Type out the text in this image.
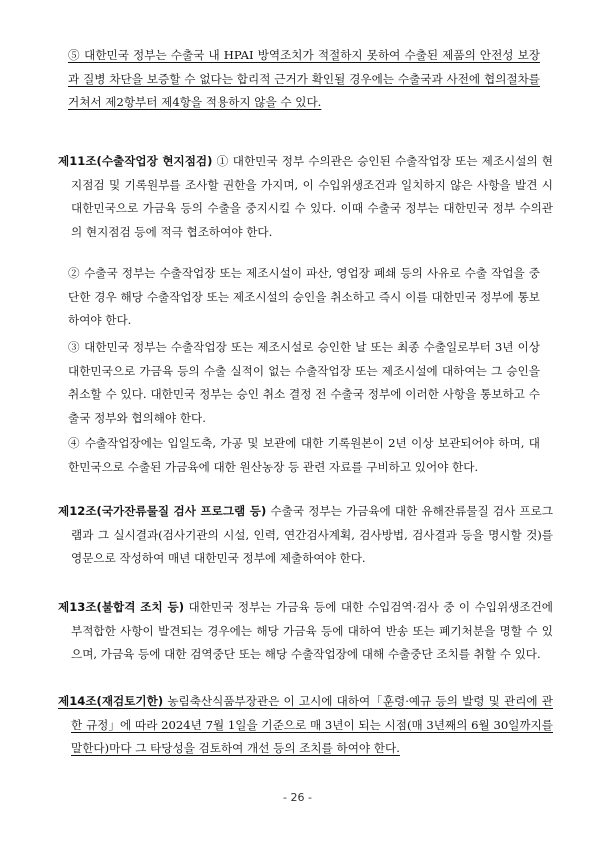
⑤ 대한민국 정부는 수출국 내 HPAI 방역조치가 적절하지 못하여 수출된 제품의 안전성 보장과 질병 차단을 보증할 수 없다는 합리적 근거가 확인될 경우에는 수출국과 사전에 협의절차를 거쳐서 제2항부터 제4항을 적용하지 않을 수 있다.
제11조(수출작업장 현지점검) ① 대한민국 정부 수의관은 승인된 수출작업장 또는 제조시설의 현지점검 및 기록원부를 조사할 권한을 가지며, 이 수입위생조건과 일치하지 않은 사항을 발견 시 대한민국으로 가금육 등의 수출을 중지시킬 수 있다. 이때 수출국 정부는 대한민국 정부 수의관의 현지점검 등에 적극 협조하여야 한다.
② 수출국 정부는 수출작업장 또는 제조시설이 파산, 영업장 폐쇄 등의 사유로 수출 작업을 중단한 경우 해당 수출작업장 또는 제조시설의 승인을 취소하고 즉시 이를 대한민국 정부에 통보하여야 한다.
③ 대한민국 정부는 수출작업장 또는 제조시설로 승인한 날 또는 최종 수출일로부터 3년 이상 대한민국으로 가금육 등의 수출 실적이 없는 수출작업장 또는 제조시설에 대하여는 그 승인을 취소할 수 있다. 대한민국 정부는 승인 취소 결정 전 수출국 정부에 이러한 사항을 통보하고 수출국 정부와 협의해야 한다.
④ 수출작업장에는 입일도축, 가공 및 보관에 대한 기록원본이 2년 이상 보관되어야 하며, 대한민국으로 수출된 가금육에 대한 원산농장 등 관련 자료를 구비하고 있어야 한다.
제12조(국가잔류물질 검사 프로그램 등) 수출국 정부는 가금육에 대한 유해잔류물질 검사 프로그램과 그 실시결과(검사기관의 시설, 인력, 연간검사계획, 검사방법, 검사결과 등을 명시할 것)를 영문으로 작성하여 매년 대한민국 정부에 제출하여야 한다.
제13조(불합격 조치 등) 대한민국 정부는 가금육 등에 대한 수입검역·검사 중 이 수입위생조건에 부적합한 사항이 발견되는 경우에는 해당 가금육 등에 대하여 반송 또는 폐기처분을 명할 수 있으며, 가금육 등에 대한 검역중단 또는 해당 수출작업장에 대해 수출중단 조치를 취할 수 있다.
제14조(재검토기한) 농림축산식품부장관은 이 고시에 대하여「훈령·예규 등의 발령 및 관리에 관한 규정」에 따라 2024년 7월 1일을 기준으로 매 3년이 되는 시점(매 3년째의 6월 30일까지를 말한다)마다 그 타당성을 검토하여 개선 등의 조치를 하여야 한다.
- 26 -
